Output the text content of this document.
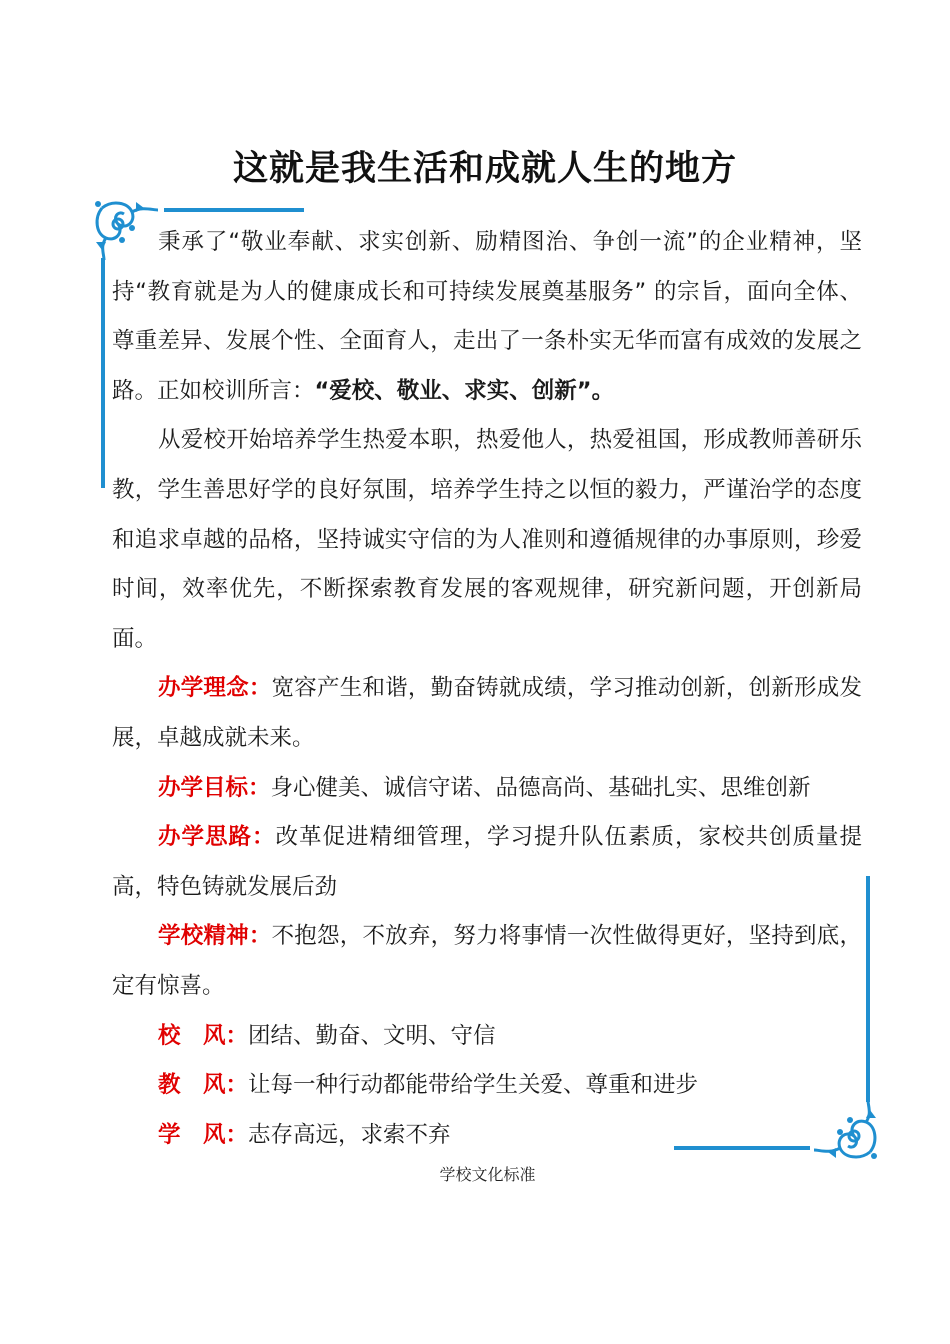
这就是我生活和成就人生的地方

秉承了“敬业奉献、求实创新、励精图治、争创一流”的企业精神，坚持“教育就是为人的健康成长和可持续发展奠基服务” 的宗旨，面向全体、尊重差异、发展个性、全面育人，走出了一条朴实无华而富有成效的发展之路。正如校训所言：“爱校、敬业、求实、创新”。

从爱校开始培养学生热爱本职，热爱他人，热爱祖国，形成教师善研乐教，学生善思好学的良好氛围，培养学生持之以恒的毅力，严谨治学的态度和追求卓越的品格，坚持诚实守信的为人准则和遵循规律的办事原则，珍爱时间，效率优先，不断探索教育发展的客观规律，研究新问题，开创新局面。

办学理念：宽容产生和谐，勤奋铸就成绩，学习推动创新，创新形成发展，卓越成就未来。

办学目标：身心健美、诚信守诺、品德高尚、基础扎实、思维创新

办学思路：改革促进精细管理，学习提升队伍素质，家校共创质量提高，特色铸就发展后劲

学校精神：不抱怨，不放弃，努力将事情一次性做得更好，坚持到底，定有惊喜。

校　风：团结、勤奋、文明、守信

教　风：让每一种行动都能带给学生关爱、尊重和进步

学　风：志存高远，求索不弃

学校文化标准
